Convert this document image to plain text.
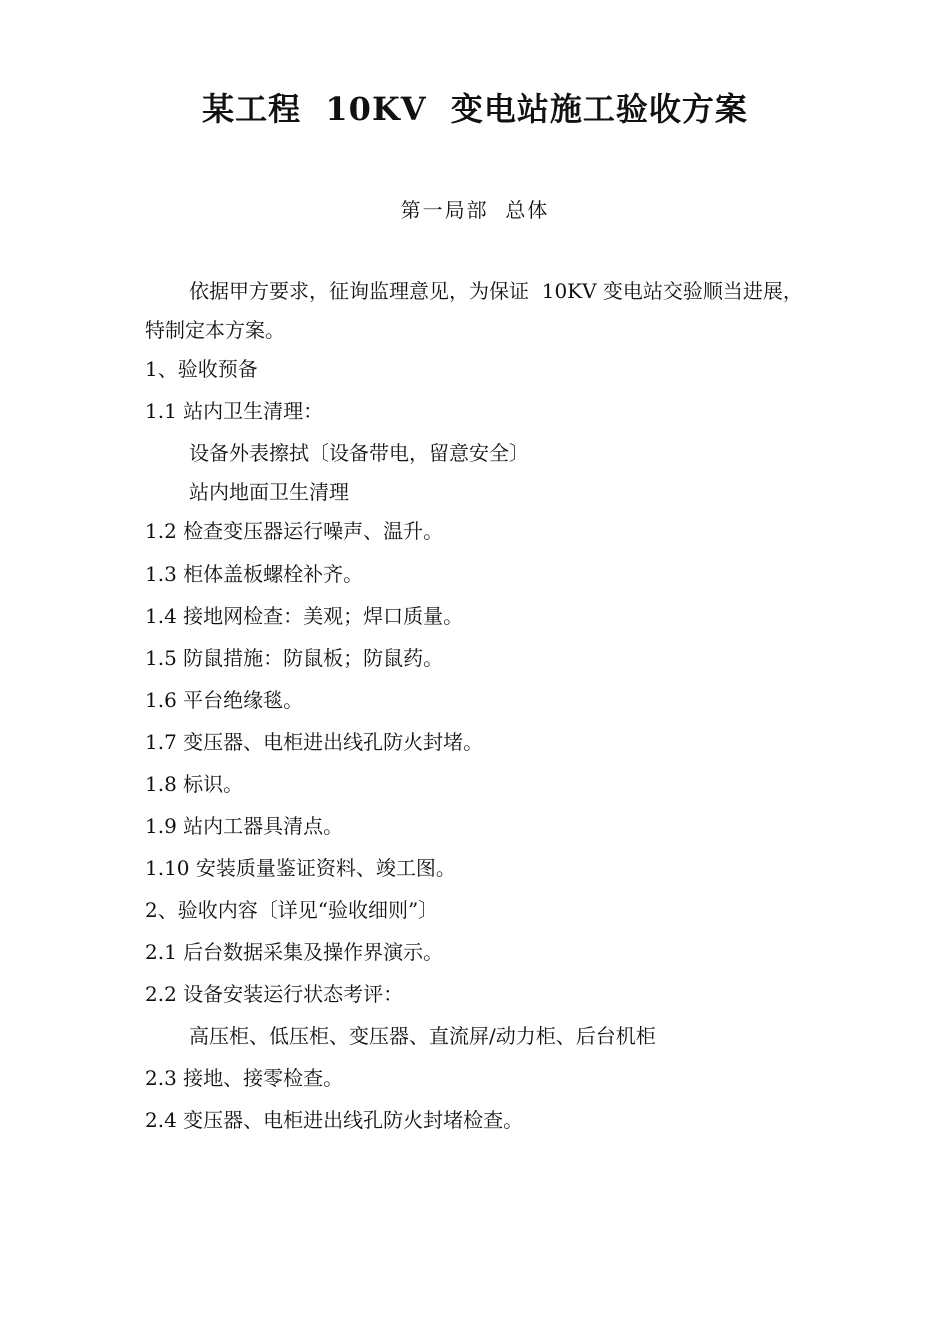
某工程  10KV  变电站施工验收方案
第一局部  总体
依据甲方要求，征询监理意见，为保证  10KV 变电站交验顺当进展，特制定本方案。
1、验收预备
1.1 站内卫生清理：
设备外表擦拭〔设备带电，留意安全〕
站内地面卫生清理
1.2 检查变压器运行噪声、温升。
1.3 柜体盖板螺栓补齐。
1.4 接地网检查：美观；焊口质量。
1.5 防鼠措施：防鼠板；防鼠药。
1.6 平台绝缘毯。
1.7 变压器、电柜进出线孔防火封堵。
1.8 标识。
1.9 站内工器具清点。
1.10 安装质量鉴证资料、竣工图。
2、验收内容〔详见“验收细则”〕
2.1 后台数据采集及操作界演示。
2.2 设备安装运行状态考评：
高压柜、低压柜、变压器、直流屏/动力柜、后台机柜
2.3 接地、接零检查。
2.4 变压器、电柜进出线孔防火封堵检查。
